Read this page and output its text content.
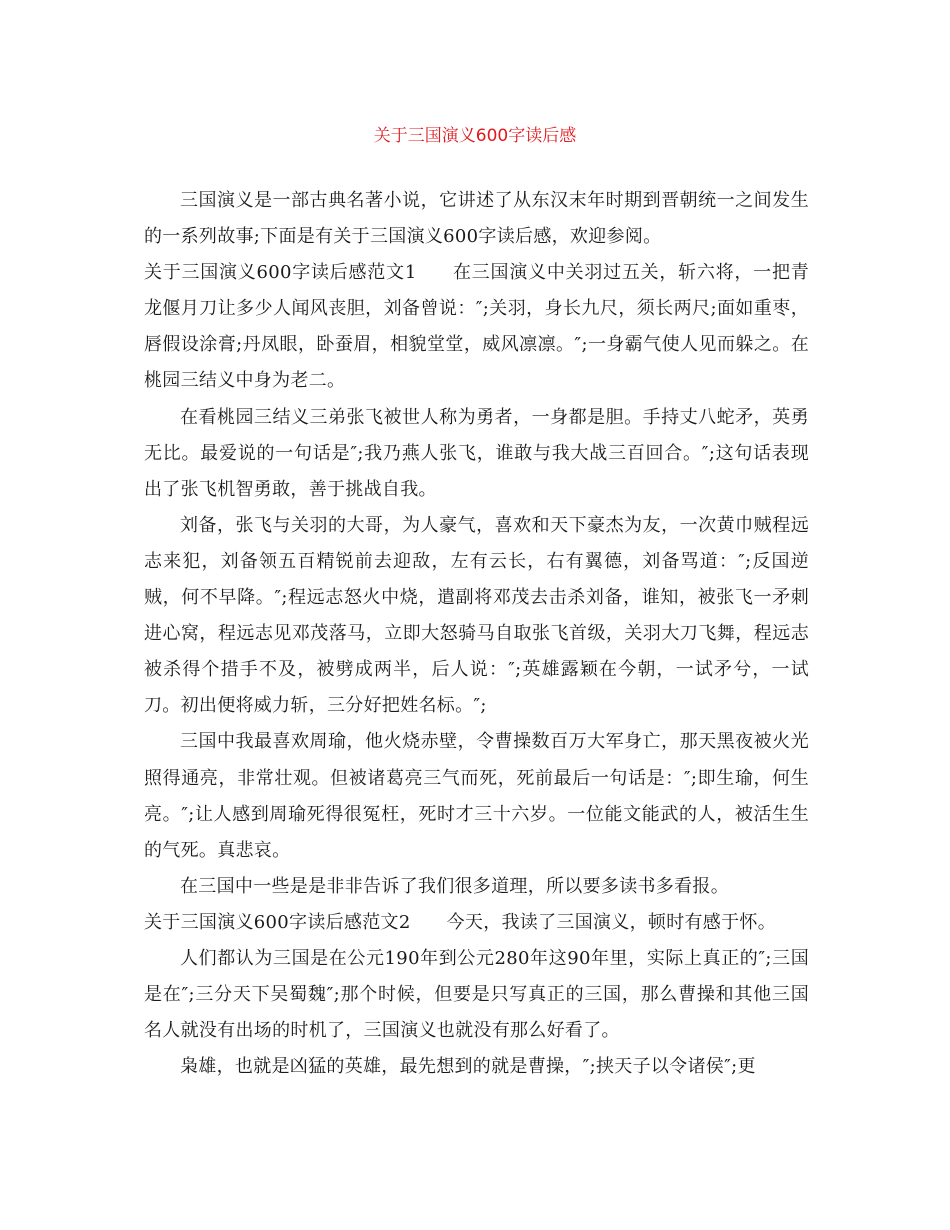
关于三国演义600字读后感

三国演义是一部古典名著小说，它讲述了从东汉末年时期到晋朝统一之间发生的一系列故事;下面是有关于三国演义600字读后感，欢迎参阅。

关于三国演义600字读后感范文1 在三国演义中关羽过五关，斩六将，一把青龙偃月刀让多少人闻风丧胆，刘备曾说：″;关羽，身长九尺，须长两尺;面如重枣，唇假设涂膏;丹凤眼，卧蚕眉，相貌堂堂，威风凛凛。″;一身霸气使人见而躲之。在桃园三结义中身为老二。

在看桃园三结义三弟张飞被世人称为勇者，一身都是胆。手持丈八蛇矛，英勇无比。最爱说的一句话是″;我乃燕人张飞，谁敢与我大战三百回合。″;这句话表现出了张飞机智勇敢，善于挑战自我。

刘备，张飞与关羽的大哥，为人豪气，喜欢和天下豪杰为友，一次黄巾贼程远志来犯，刘备领五百精锐前去迎敌，左有云长，右有翼德，刘备骂道：″;反国逆贼，何不早降。″;程远志怒火中烧，遣副将邓茂去击杀刘备，谁知，被张飞一矛刺进心窝，程远志见邓茂落马，立即大怒骑马自取张飞首级，关羽大刀飞舞，程远志被杀得个措手不及，被劈成两半，后人说：″;英雄露颖在今朝，一试矛兮，一试刀。初出便将威力斩，三分好把姓名标。″;

三国中我最喜欢周瑜，他火烧赤壁，令曹操数百万大军身亡，那天黑夜被火光照得通亮，非常壮观。但被诸葛亮三气而死，死前最后一句话是：″;即生瑜，何生亮。″;让人感到周瑜死得很冤枉，死时才三十六岁。一位能文能武的人，被活生生的气死。真悲哀。

在三国中一些是是非非告诉了我们很多道理，所以要多读书多看报。

关于三国演义600字读后感范文2 今天，我读了三国演义，顿时有感于怀。

人们都认为三国是在公元190年到公元280年这90年里，实际上真正的″;三国是在″;三分天下吴蜀魏″;那个时候，但要是只写真正的三国，那么曹操和其他三国名人就没有出场的时机了，三国演义也就没有那么好看了。

枭雄，也就是凶猛的英雄，最先想到的就是曹操，″;挟天子以令诸侯″;更
